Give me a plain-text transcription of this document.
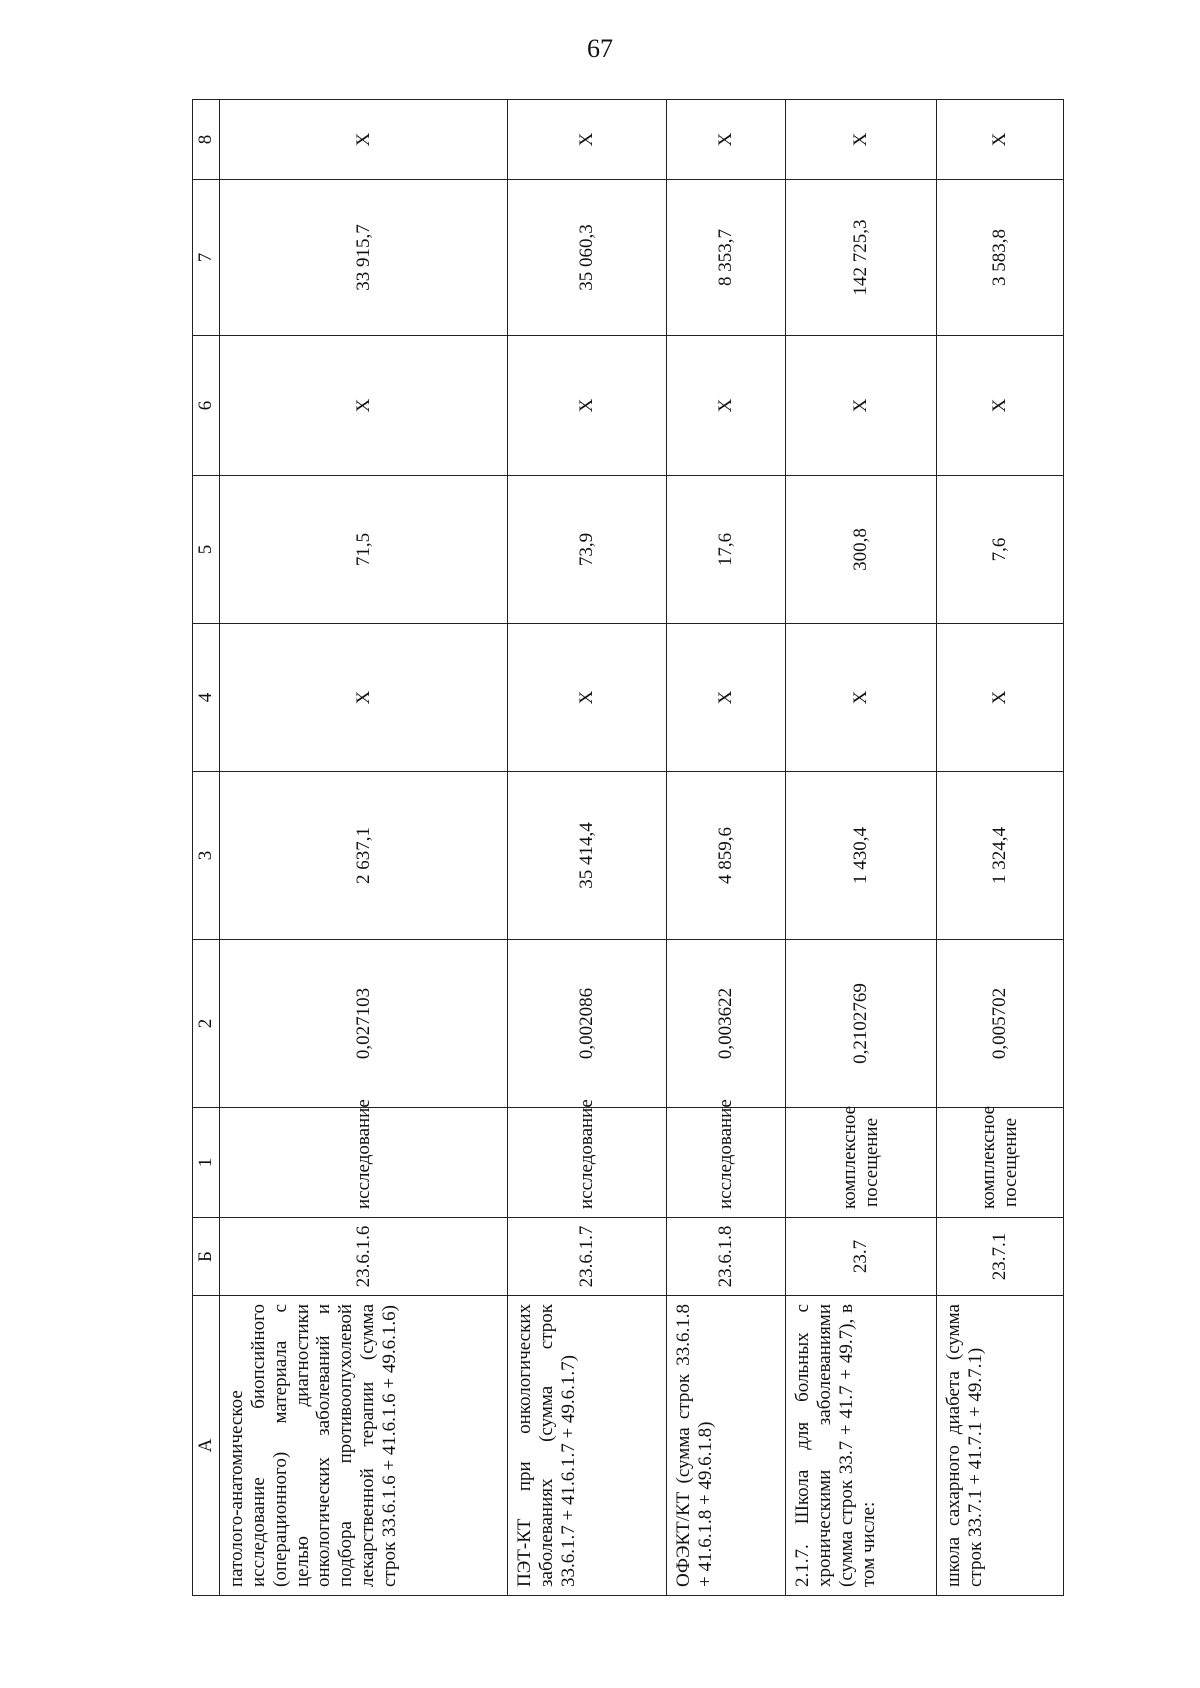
67
А	Б	1	2	3	4	5	6	7	8
патолого-анатомическое исследование биопсийного (операционного) материала с целью диагностики онкологических заболеваний и подбора противоопухолевой лекарственной терапии (сумма строк 33.6.1.6 + 41.6.1.6 + 49.6.1.6)	23.6.1.6	исследование	0,027103	2 637,1	X	71,5	X	33 915,7	X
ПЭТ-КТ при онкологических заболеваниях (сумма строк 33.6.1.7 + 41.6.1.7 + 49.6.1.7)	23.6.1.7	исследование	0,002086	35 414,4	X	73,9	X	35 060,3	X
ОФЭКТ/КТ (сумма строк 33.6.1.8 + 41.6.1.8 + 49.6.1.8)	23.6.1.8	исследование	0,003622	4 859,6	X	17,6	X	8 353,7	X
2.1.7. Школа для больных с хроническими заболеваниями (сумма строк 33.7 + 41.7 + 49.7), в том числе:	23.7	комплексное посещение	0,2102769	1 430,4	X	300,8	X	142 725,3	X
школа сахарного диабета (сумма строк 33.7.1 + 41.7.1 + 49.7.1)	23.7.1	комплексное посещение	0,005702	1 324,4	X	7,6	X	3 583,8	X
